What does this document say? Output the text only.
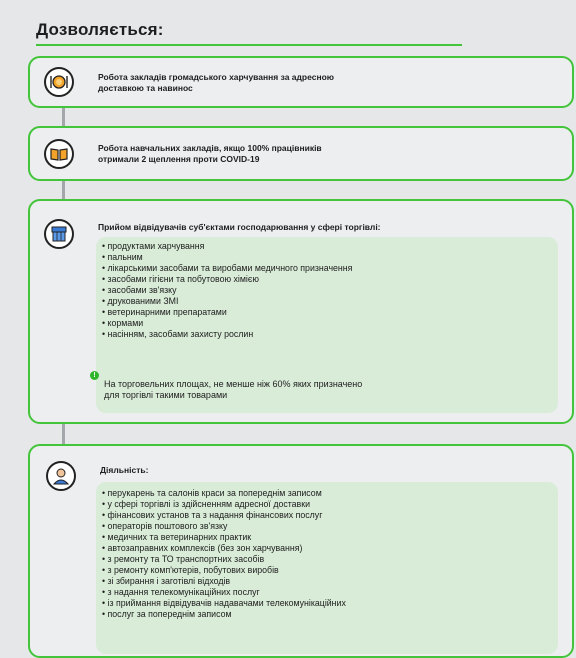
Дозволяється:
Робота закладів громадського харчування за адресною
доставкою та навинос
Робота навчальних закладів, якщо 100% працівників
отримали 2 щеплення проти COVID-19
Прийом відвідувачів суб'єктами господарювання у сфері торгівлі:
• продуктами харчування
• пальним
• лікарськими засобами та виробами медичного призначення
• засобами гігієни та побутовою хімією
• засобами зв'язку
• друкованими ЗМІ
• ветеринарними препаратами
• кормами
• насінням, засобами захисту рослин
!
На торговельних площах, не менше ніж 60% яких призначено
для торгівлі такими товарами
Діяльність:
• перукарень та салонів краси за попереднім записом
• у сфері торгівлі із здійсненням адресної доставки
• фінансових установ та з надання фінансових послуг
• операторів поштового зв'язку
• медичних та ветеринарних практик
• автозаправних комплексів (без зон харчування)
• з ремонту та ТО транспортних засобів
• з ремонту комп'ютерів, побутових виробів
• зі збирання і заготівлі відходів
• з надання телекомунікаційних послуг
• із приймання відвідувачів надавачами телекомунікаційних
• послуг за попереднім записом
